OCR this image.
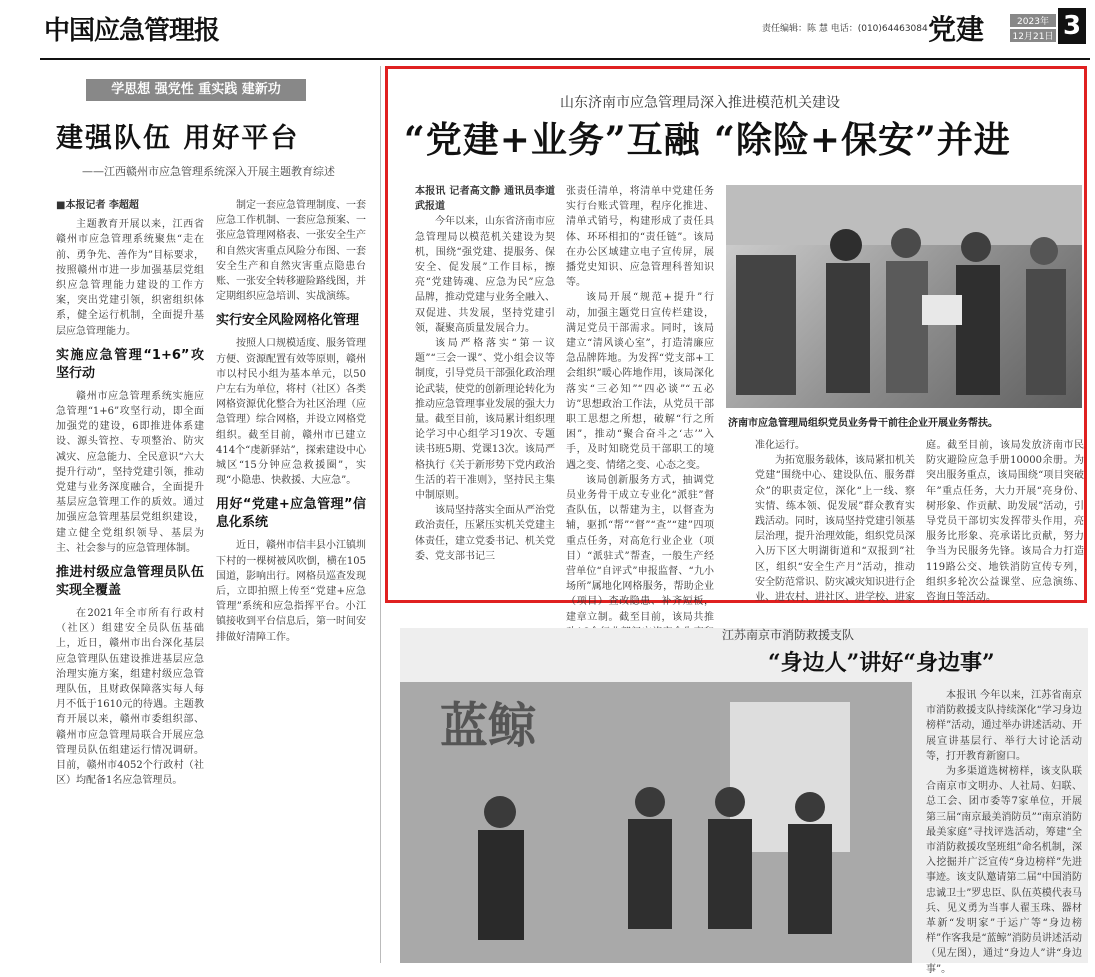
中国应急管理报	责任编辑：陈 慧 电话：(010)64463084 党建	2023年
12月21日 3
学思想 强党性 重实践 建新功
建强队伍 用好平台
——江西赣州市应急管理系统深入开展主题教育综述
■本报记者 李超超

主题教育开展以来，江西省赣州市应急管理系统聚焦“走在前、勇争先、善作为”目标要求，按照赣州市进一步加强基层党组织应急管理能力建设的工作方案，突出党建引领，织密组织体系，健全运行机制，全面提升基层应急管理能力。

实施应急管理“1+6”攻坚行动

赣州市应急管理系统实施应急管理“1+6”攻坚行动，即全面加强党的建设，6即推进体系建设、源头管控、专项整治、防灾减灾、应急能力、全民意识“六大提升行动”，坚持党建引领，推动党建与业务深度融合，全面提升基层应急管理工作的质效。通过加强应急管理基层党组织建设，建立健全党组织领导、基层为主、社会参与的应急管理体制。

推进村级应急管理员队伍实现全覆盖

在2021年全市所有行政村（社区）组建安全员队伍基础上，近日，赣州市出台深化基层应急管理队伍建设推进基层应急治理实施方案，组建村级应急管理队伍，且财政保障落实每人每月不低于1610元的待遇。主题教育开展以来，赣州市委组织部、赣州市应急管理局联合开展应急管理员队伍组建运行情况调研。目前，赣州市4052个行政村（社区）均配备1名应急管理员。

制定一套应急管理制度、一套应急工作机制、一套应急预案、一张应急管理网格表、一张安全生产和自然灾害重点风险分布图、一套安全生产和自然灾害重点隐患台账、一张安全转移避险路线图，并定期组织应急培训、实战演练。

实行安全风险网格化管理

按照人口规模适度、服务管理方便、资源配置有效等原则，赣州市以村民小组为基本单元，以50户左右为单位，将村（社区）各类网格资源优化整合为社区治理（应急管理）综合网格，并设立网格党组织。截至目前，赣州市已建立414个“虔新驿站”，探索建设中心城区“15分钟应急救援圈”，实现“小隐患、快救援、大应急”。

用好“党建+应急管理”信息化系统

近日，赣州市信丰县小江镇圳下村的一棵树被风吹倒，横在105国道，影响出行。网格员巡查发现后，立即拍照上传至“党建+应急管理”系统和应急指挥平台。小江镇接收到平台信息后，第一时间安排做好清障工作。

山东济南市应急管理局深入推进模范机关建设
“党建+业务”互融 “除险+保安”并进
本报讯 记者高文静 通讯员李道武报道

今年以来，山东省济南市应急管理局以模范机关建设为契机，围绕“强党建、提服务、保安全、促发展”工作目标，擦亮“党建铸魂、应急为民”应急品牌，推动党建与业务全融入、双促进、共发展，坚持党建引领，凝聚高质量发展合力。

该局严格落实“第一议题”“三会一课”、党小组会议等制度，引导党员干部强化政治理论武装，使党的创新理论转化为推动应急管理事业发展的强大力量。截至目前，该局累计组织理论学习中心组学习19次、专题读书班5期、党课13次。该局严格执行《关于新形势下党内政治生活的若干准则》，坚持民主集中制原则。

该局坚持落实全面从严治党政治责任，压紧压实机关党建主体责任，建立党委书记、机关党委、党支部书记三

张责任清单，将清单中党建任务实行台账式管理，程序化推进、清单式销号，构建形成了责任具体、环环相扣的“责任链”。该局在办公区域建立电子宣传屏，展播党史知识、应急管理科普知识等。

该局开展“规范+提升”行动，加强主题党日宣传栏建设，满足党员干部需求。同时，该局建立“清风谈心室”，打造清廉应急品牌阵地。为发挥“党支部+工会组织”暖心阵地作用，该局深化落实“三必知”“四必谈”“五必访”思想政治工作法，从党员干部职工思想之所想，破解“行之所困”，推动“聚合奋斗之‘志’”入手，及时知晓党员干部职工的境遇之变、情绪之变、心态之变。

该局创新服务方式，抽调党员业务骨干成立专业化“派驻”督查队伍，以帮建为主，以督查为辅，驱抓“帮”“督”“查”“建”四项重点任务，对高危行业企业（项目）“派驻式”帮查，一般生产经营单位“自评式”申报监督、“九小场所”属地化网格服务，帮助企业（项目）查改隐患、补齐短板，建章立制。截至目前，该局共推

济南市应急管理局组织党员业务骨干前往企业开展业务帮扶。

准化运行。

为拓宽服务载体，该局紧扣机关党建“围绕中心、建设队伍、服务群众”的职责定位，深化“上一线、察实情、练本领、促发展”群众教育实践活动。同时，该局坚持党建引领基层治理，提升治理效能，组织党员深入历下区大明湖街道和“双报到”社区，组织“安全生产月”活动，推动安全防范常识、防灾减灾知识进行企业、进农村、进社区、进学校、进家

庭。截至目前，该局发放济南市民防灾避险应急手册10000余册。为突出服务重点，该局围绕“项目突破年”重点任务，大力开展“亮身份、树形象、作贡献、助发展”活动，引导党员干部切实发挥带头作用，亮服务比形象、亮承诺比贡献，努力争当为民服务先锋。该局合力打造119路公交、地铁消防宣传专列，组织多轮次公益课堂、应急演练、咨询日等活动。

江苏南京市消防救援支队
“身边人”讲好“身边事”
蓝鲸

本报讯 今年以来，江苏省南京市消防救援支队持续深化“学习身边榜样”活动，通过举办讲述活动、开展宣讲基层行、举行大讨论活动等，打开教育新窗口。

为多渠道选树榜样，该支队联合南京市文明办、人社局、妇联、总工会、团市委等7家单位，开展第三届“南京最美消防员”“南京消防最美家庭”寻找评选活动，筹建“全市消防救援攻坚班组”命名机制，深入挖掘并广泛宣传“身边榜样”先进事迹。该支队邀请第二届“中国消防忠诚卫士”罗忠臣、队伍英模代表马兵、见义勇为当事人翟玉珠、器材革新“发明家”于运广等“身边榜样”作客我是“蓝鲸”消防员讲述活动（见左图），通过“身边人”讲“身边事”。
